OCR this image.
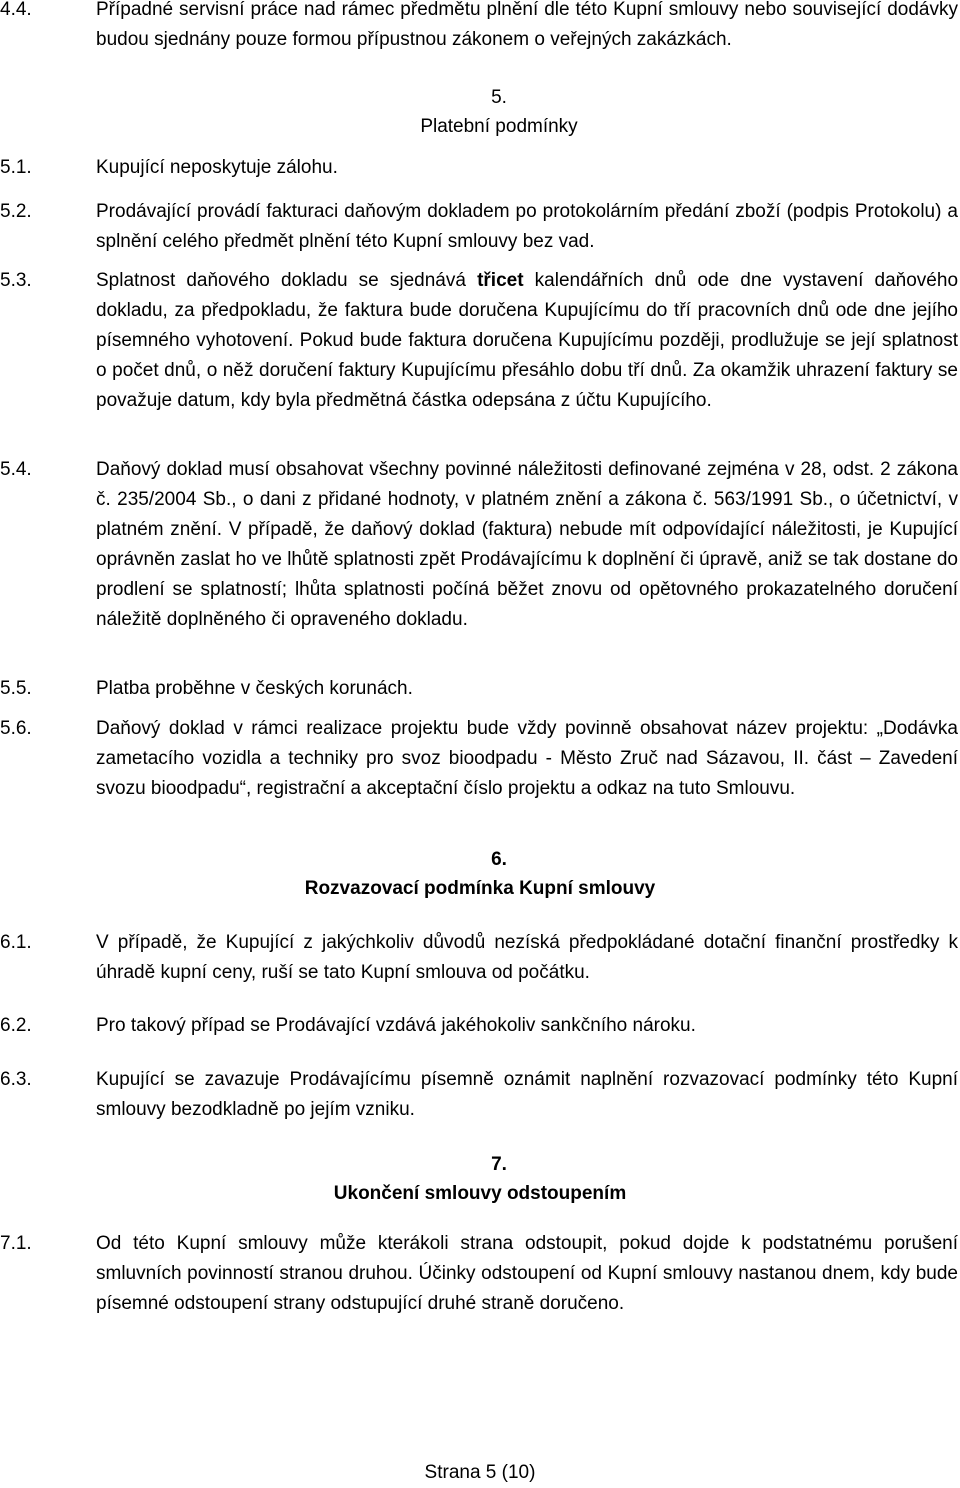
4.4.	Případné servisní práce nad rámec předmětu plnění dle této Kupní smlouvy nebo související dodávky budou sjednány pouze formou přípustnou zákonem o veřejných zakázkách.
5.
Platební podmínky
5.1.	Kupující neposkytuje zálohu.
5.2.	Prodávající provádí fakturaci daňovým dokladem po protokolárním předání zboží (podpis Protokolu) a splnění celého předmět plnění této Kupní smlouvy bez vad.
5.3.	Splatnost daňového dokladu se sjednává třicet kalendářních dnů ode dne vystavení daňového dokladu, za předpokladu, že faktura bude doručena Kupujícímu do tří pracovních dnů ode dne jejího písemného vyhotovení. Pokud bude faktura doručena Kupujícímu později, prodlužuje se její splatnost o počet dnů, o něž doručení faktury Kupujícímu přesáhlo dobu tří dnů. Za okamžik uhrazení faktury se považuje datum, kdy byla předmětná částka odepsána z účtu Kupujícího.
5.4.	Daňový doklad musí obsahovat všechny povinné náležitosti definované zejména v 28, odst. 2 zákona č. 235/2004 Sb., o dani z přidané hodnoty, v platném znění a zákona č. 563/1991 Sb., o účetnictví, v platném znění. V případě, že daňový doklad (faktura) nebude mít odpovídající náležitosti, je Kupující oprávněn zaslat ho ve lhůtě splatnosti zpět Prodávajícímu k doplnění či úpravě, aniž se tak dostane do prodlení se splatností; lhůta splatnosti počíná běžet znovu od opětovného prokazatelného doručení náležitě doplněného či opraveného dokladu.
5.5.	Platba proběhne v českých korunách.
5.6.	Daňový doklad v rámci realizace projektu bude vždy povinně obsahovat název projektu: „Dodávka zametacího vozidla a techniky pro svoz bioodpadu - Město Zruč nad Sázavou, II. část – Zavedení svozu bioodpadu“, registrační a akceptační číslo projektu a odkaz na tuto Smlouvu.
6.
Rozvazovací podmínka Kupní smlouvy
6.1.	V případě, že Kupující z jakýchkoliv důvodů nezíská předpokládané dotační finanční prostředky k úhradě kupní ceny, ruší se tato Kupní smlouva od počátku.
6.2.	Pro takový případ se Prodávající vzdává jakéhokoliv sankčního nároku.
6.3.	Kupující se zavazuje Prodávajícímu písemně oznámit naplnění rozvazovací podmínky této Kupní smlouvy bezodkladně po jejím vzniku.
7.
Ukončení smlouvy odstoupením
7.1.	Od této Kupní smlouvy může kterákoli strana odstoupit, pokud dojde k podstatnému porušení smluvních povinností stranou druhou. Účinky odstoupení od Kupní smlouvy nastanou dnem, kdy bude písemné odstoupení strany odstupující druhé straně doručeno.
Strana 5 (10)
